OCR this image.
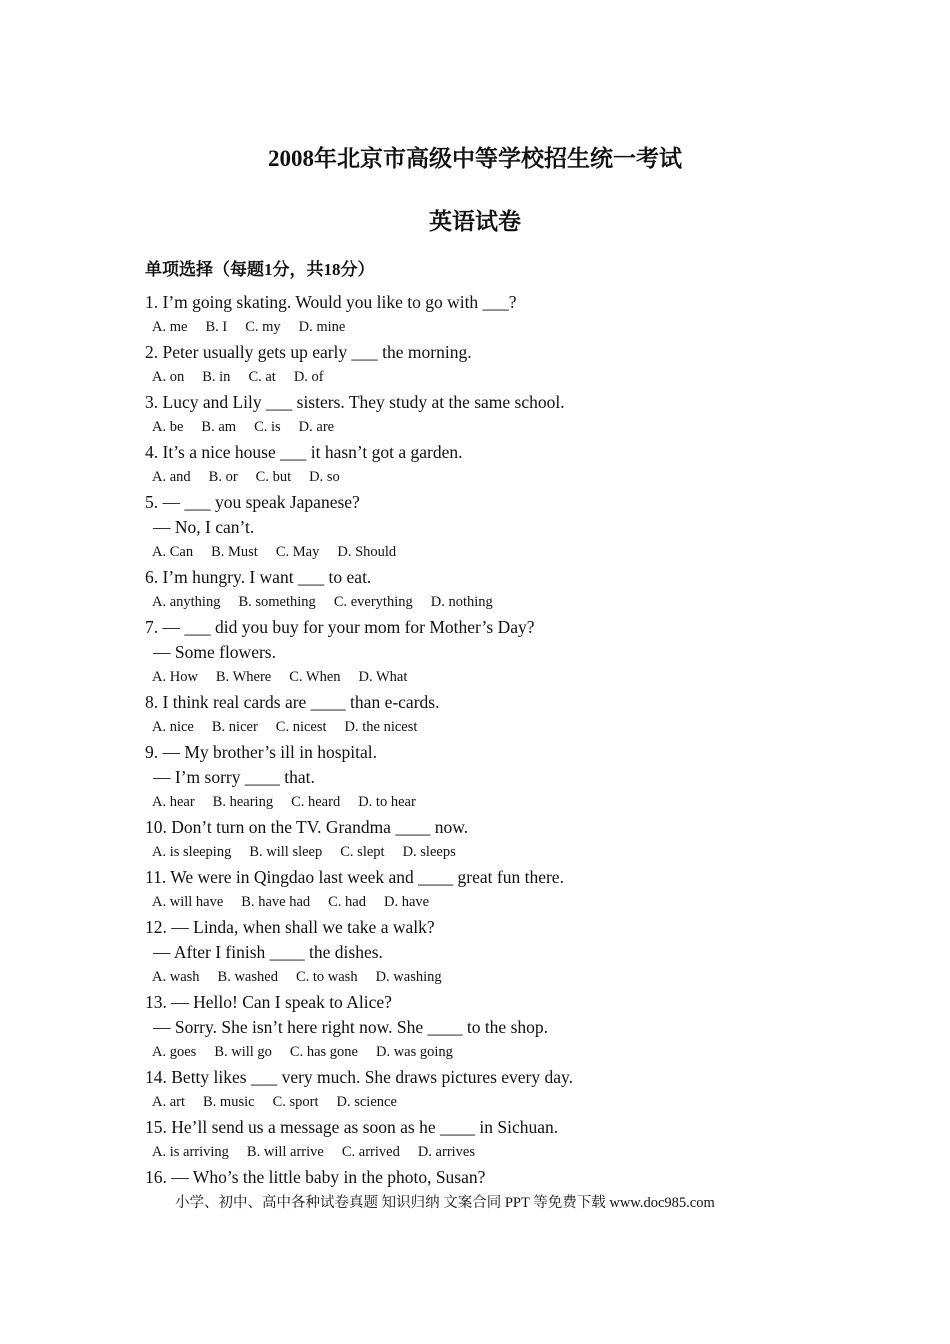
2008年北京市高级中等学校招生统一考试
英语试卷
单项选择（每题1分，共18分）
1. I’m going skating. Would you like to go with ___?
A. me B. I C. my D. mine
2. Peter usually gets up early ___ the morning.
A. on B. in C. at D. of
3. Lucy and Lily ___ sisters. They study at the same school.
A. be B. am C. is D. are
4. It’s a nice house ___ it hasn’t got a garden.
A. and B. or C. but D. so
5. — ___ you speak Japanese?
— No, I can’t.
A. Can B. Must C. May D. Should
6. I’m hungry. I want ___ to eat.
A. anything B. something C. everything D. nothing
7. — ___ did you buy for your mom for Mother’s Day?
— Some flowers.
A. How B. Where C. When D. What
8. I think real cards are ____ than e-cards.
A. nice B. nicer C. nicest D. the nicest
9. — My brother’s ill in hospital.
— I’m sorry ____ that.
A. hear B. hearing C. heard D. to hear
10. Don’t turn on the TV. Grandma ____ now.
A. is sleeping B. will sleep C. slept D. sleeps
11. We were in Qingdao last week and ____ great fun there.
A. will have B. have had C. had D. have
12. — Linda, when shall we take a walk?
— After I finish ____ the dishes.
A. wash B. washed C. to wash D. washing
13. — Hello! Can I speak to Alice?
— Sorry. She isn’t here right now. She ____ to the shop.
A. goes B. will go C. has gone D. was going
14. Betty likes ___ very much. She draws pictures every day.
A. art B. music C. sport D. science
15. He’ll send us a message as soon as he ____ in Sichuan.
A. is arriving B. will arrive C. arrived D. arrives
16. — Who’s the little baby in the photo, Susan?
小学、初中、高中各种试卷真题 知识归纳 文案合同 PPT 等免费下载 www.doc985.com
